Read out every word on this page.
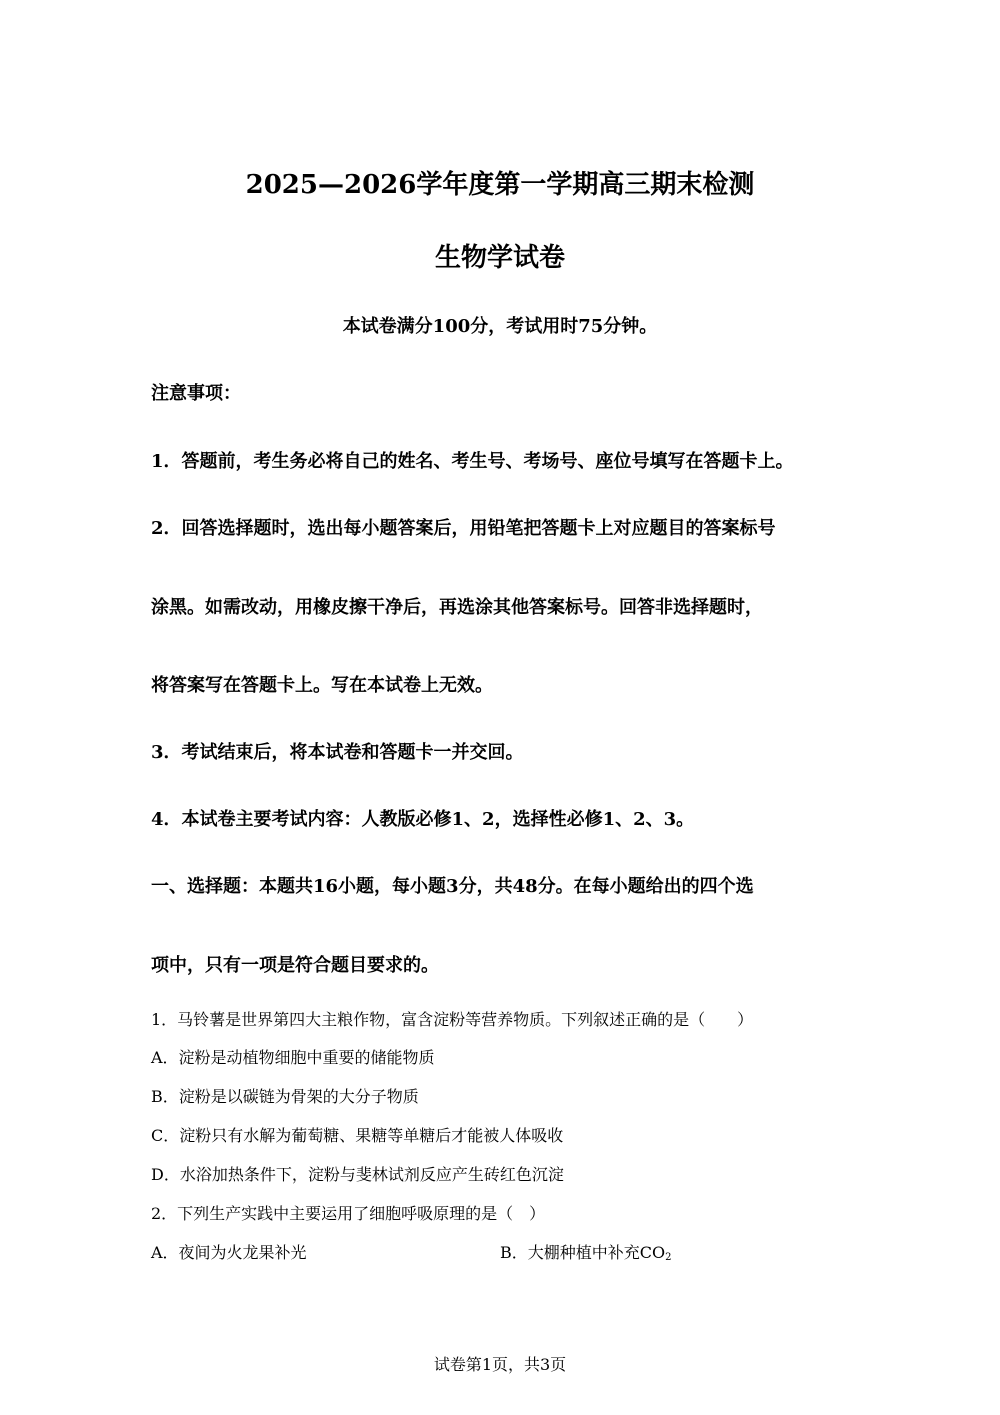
2025—2026学年度第一学期高三期末检测
生物学试卷
本试卷满分100分，考试用时75分钟。
注意事项：
1．答题前，考生务必将自己的姓名、考生号、考场号、座位号填写在答题卡上。
2．回答选择题时，选出每小题答案后，用铅笔把答题卡上对应题目的答案标号
涂黑。如需改动，用橡皮擦干净后，再选涂其他答案标号。回答非选择题时，
将答案写在答题卡上。写在本试卷上无效。
3．考试结束后，将本试卷和答题卡一并交回。
4．本试卷主要考试内容：人教版必修1、2，选择性必修1、2、3。
一、选择题：本题共16小题，每小题3分，共48分。在每小题给出的四个选
项中，只有一项是符合题目要求的。
1．马铃薯是世界第四大主粮作物，富含淀粉等营养物质。下列叙述正确的是（　　）
A．淀粉是动植物细胞中重要的储能物质
B．淀粉是以碳链为骨架的大分子物质
C．淀粉只有水解为葡萄糖、果糖等单糖后才能被人体吸收
D．水浴加热条件下，淀粉与斐林试剂反应产生砖红色沉淀
2．下列生产实践中主要运用了细胞呼吸原理的是（　）
A．夜间为火龙果补光	B．大棚种植中补充$CO_2$
试卷第1页，共3页
